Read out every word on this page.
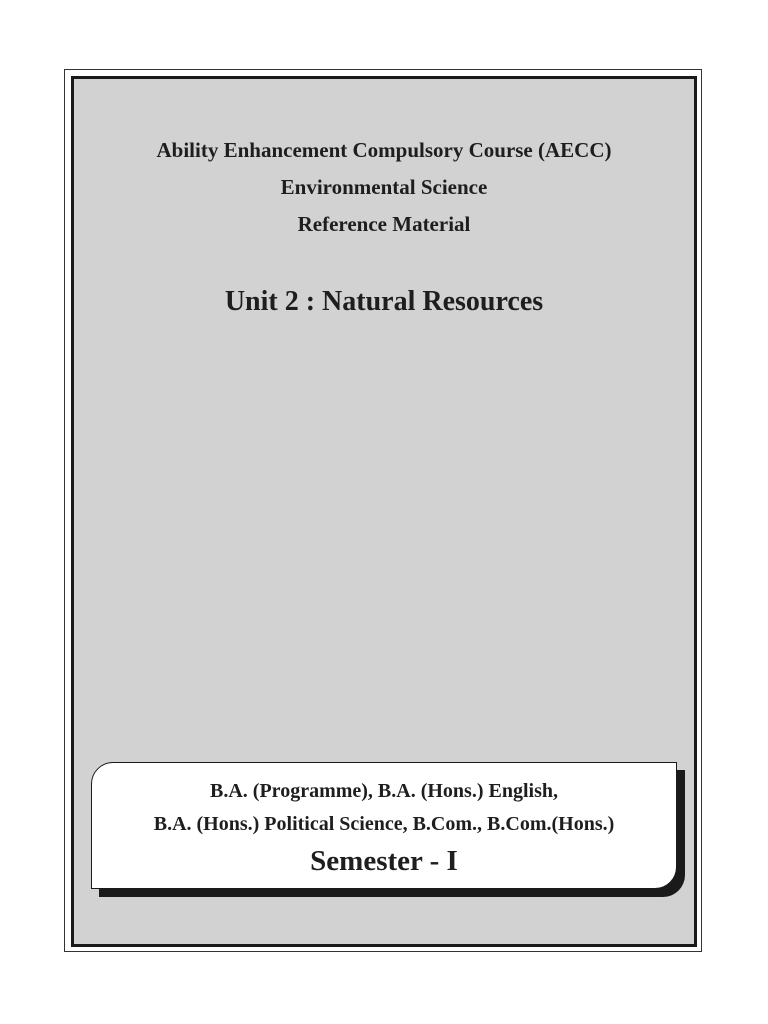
Ability Enhancement Compulsory Course (AECC)

Environmental Science

Reference Material

Unit 2 : Natural Resources

B.A. (Programme), B.A. (Hons.) English,

B.A. (Hons.) Political Science, B.Com., B.Com.(Hons.)

Semester - I
